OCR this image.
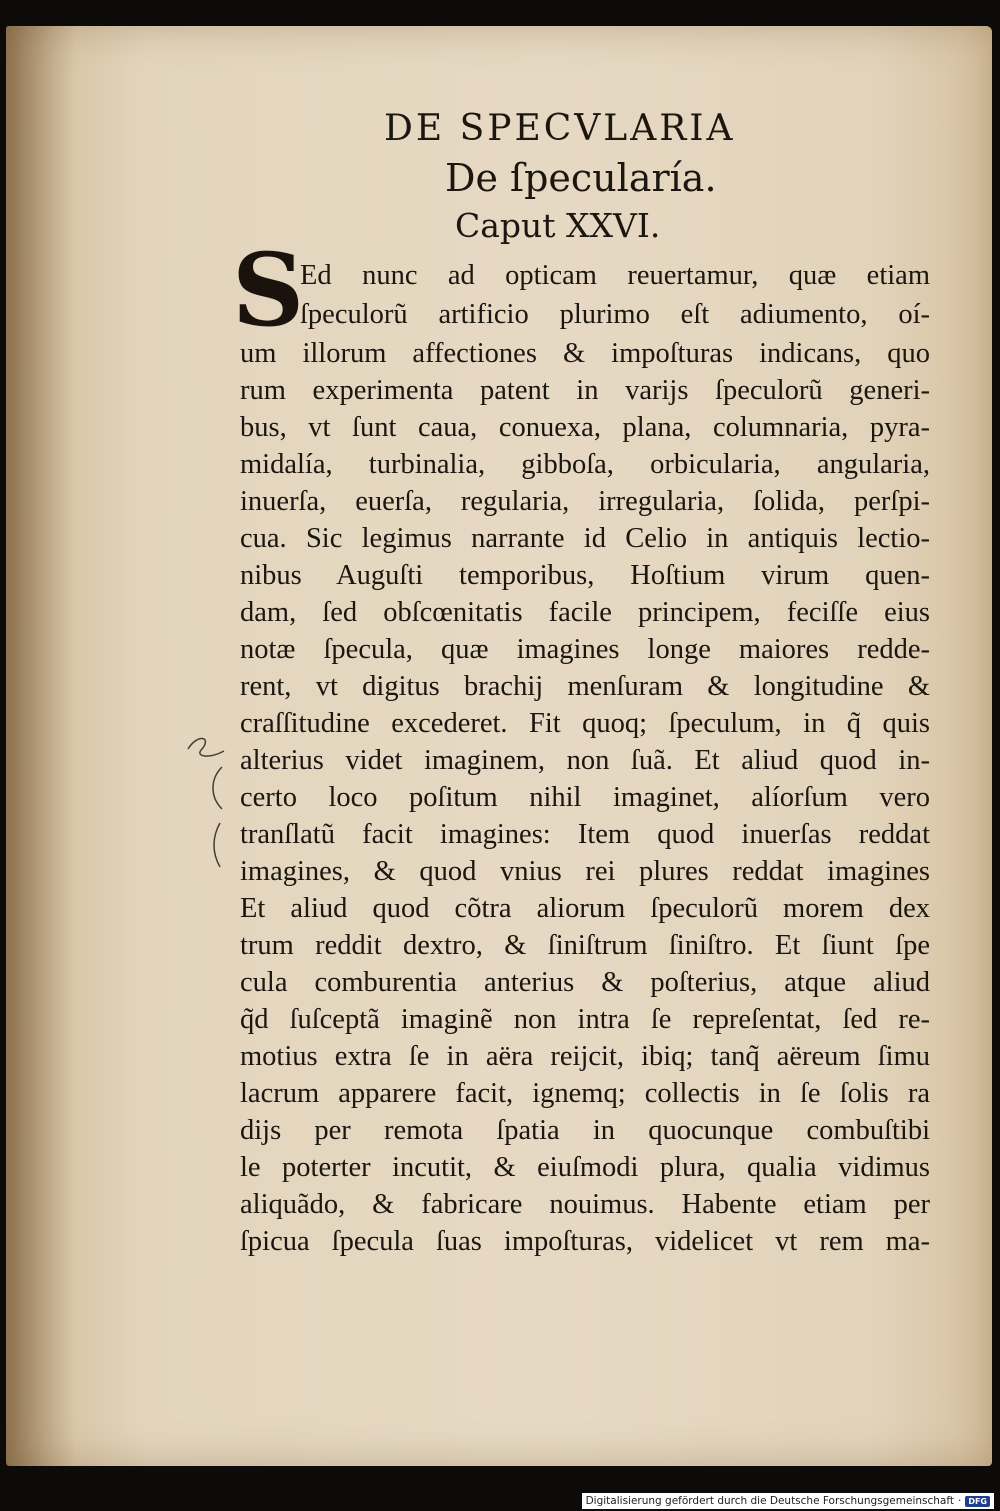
DE SPECVLARIA
De ſpecularía.
Caput XXVI.
S
Ed nunc ad opticam reuertamur, quæ etiam
ſpeculorũ artificio plurimo eſt adiumento, oí-
um illorum affectiones & impoſturas indicans, quo
rum experimenta patent in varijs ſpeculorũ generi-
bus, vt ſunt caua, conuexa, plana, columnaria, pyra-
midalía, turbinalia, gibboſa, orbicularia, angularia,
inuerſa, euerſa, regularia, irregularia, ſolida, perſpi-
cua. Sic legimus narrante id Celio in antiquis lectio-
nibus Auguſti temporibus, Hoſtium virum quen-
dam, ſed obſcœnitatis facile principem, feciſſe eius
notæ ſpecula, quæ imagines longe maiores redde-
rent, vt digitus brachij menſuram & longitudine &
craſſitudine excederet. Fit quoq; ſpeculum, in q̃ quis
alterius videt imaginem, non ſuã. Et aliud quod in-
certo loco poſitum nihil imaginet, alíorſum vero
tranſlatũ facit imagines: Item quod inuerſas reddat
imagines, & quod vnius rei plures reddat imagines
Et aliud quod cõtra aliorum ſpeculorũ morem dex
trum reddit dextro, & ſiniſtrum ſiniſtro. Et ſiunt ſpe
cula comburentia anterius & poſterius, atque aliud
q̃d ſuſceptã imaginẽ non intra ſe repreſentat, ſed re-
motius extra ſe in aëra reijcit, ibiq; tanq̃ aëreum ſimu
lacrum apparere facit, ignemq; collectis in ſe ſolis ra
dijs per remota ſpatia in quocunque combuſtibi
le poterter incutit, & eiuſmodi plura, qualia vidimus
aliquãdo, & fabricare nouimus. Habente etiam per
ſpicua ſpecula ſuas impoſturas, videlicet vt rem ma-
Digitalisierung gefördert durch die Deutsche Forschungsgemeinschaft · DFG
